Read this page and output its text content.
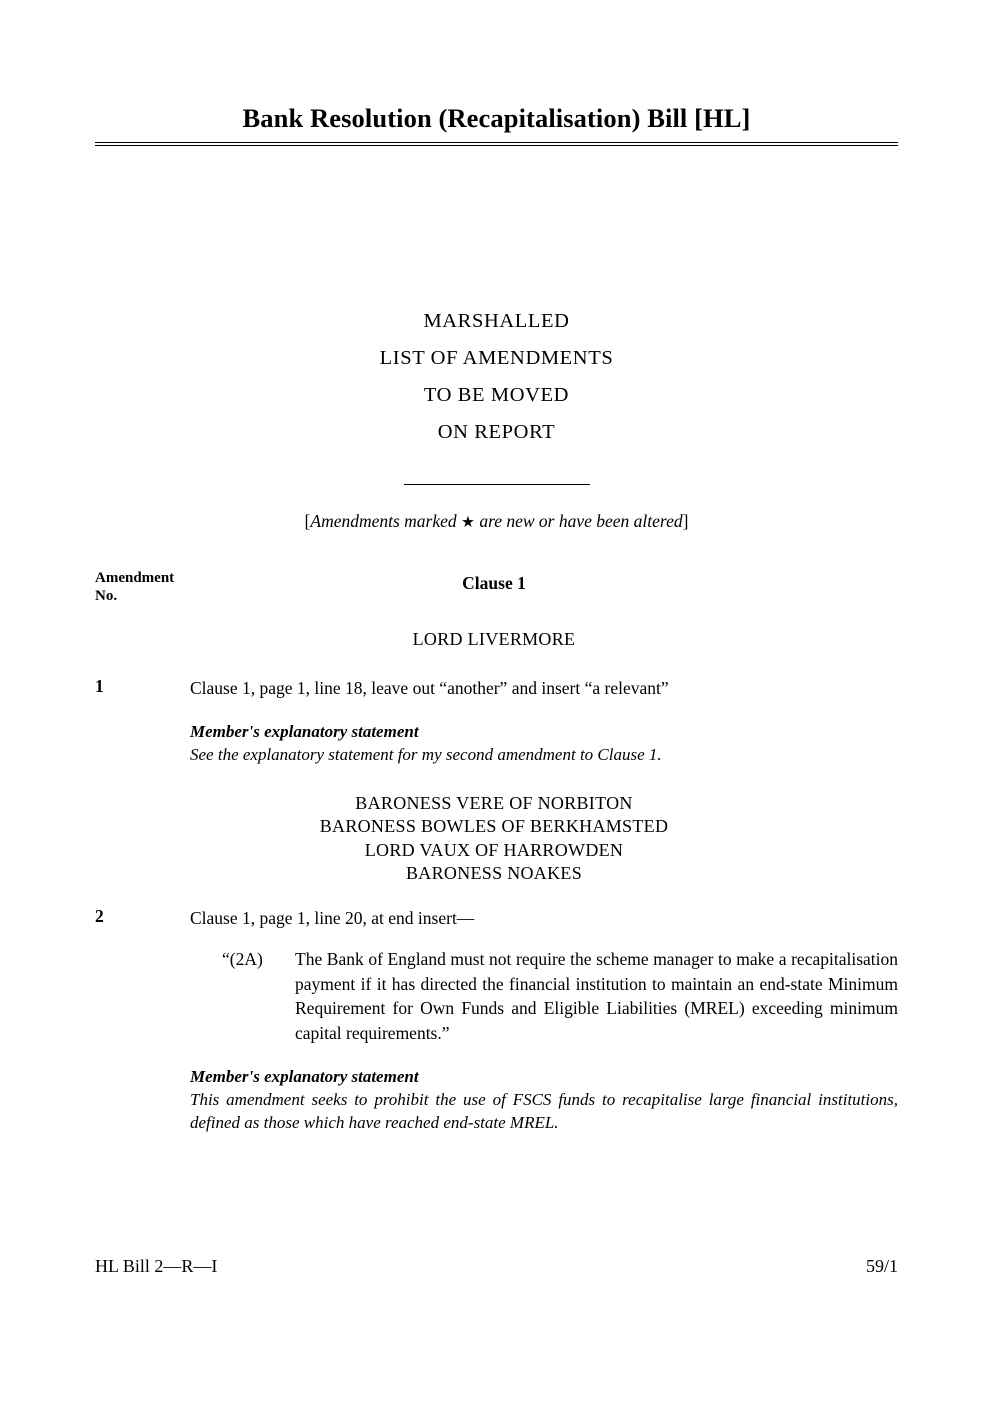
Bank Resolution (Recapitalisation) Bill [HL]
MARSHALLED
LIST OF AMENDMENTS
TO BE MOVED
ON REPORT
[Amendments marked ★ are new or have been altered]
Amendment
No.
Clause 1
LORD LIVERMORE
1	Clause 1, page 1, line 18, leave out “another” and insert “a relevant”
Member's explanatory statement
See the explanatory statement for my second amendment to Clause 1.
BARONESS VERE OF NORBITON
BARONESS BOWLES OF BERKHAMSTED
LORD VAUX OF HARROWDEN
BARONESS NOAKES
2	Clause 1, page 1, line 20, at end insert—
“(2A)	The Bank of England must not require the scheme manager to make a recapitalisation payment if it has directed the financial institution to maintain an end-state Minimum Requirement for Own Funds and Eligible Liabilities (MREL) exceeding minimum capital requirements.”
Member's explanatory statement
This amendment seeks to prohibit the use of FSCS funds to recapitalise large financial institutions, defined as those which have reached end-state MREL.
HL Bill 2—R—I	59/1
